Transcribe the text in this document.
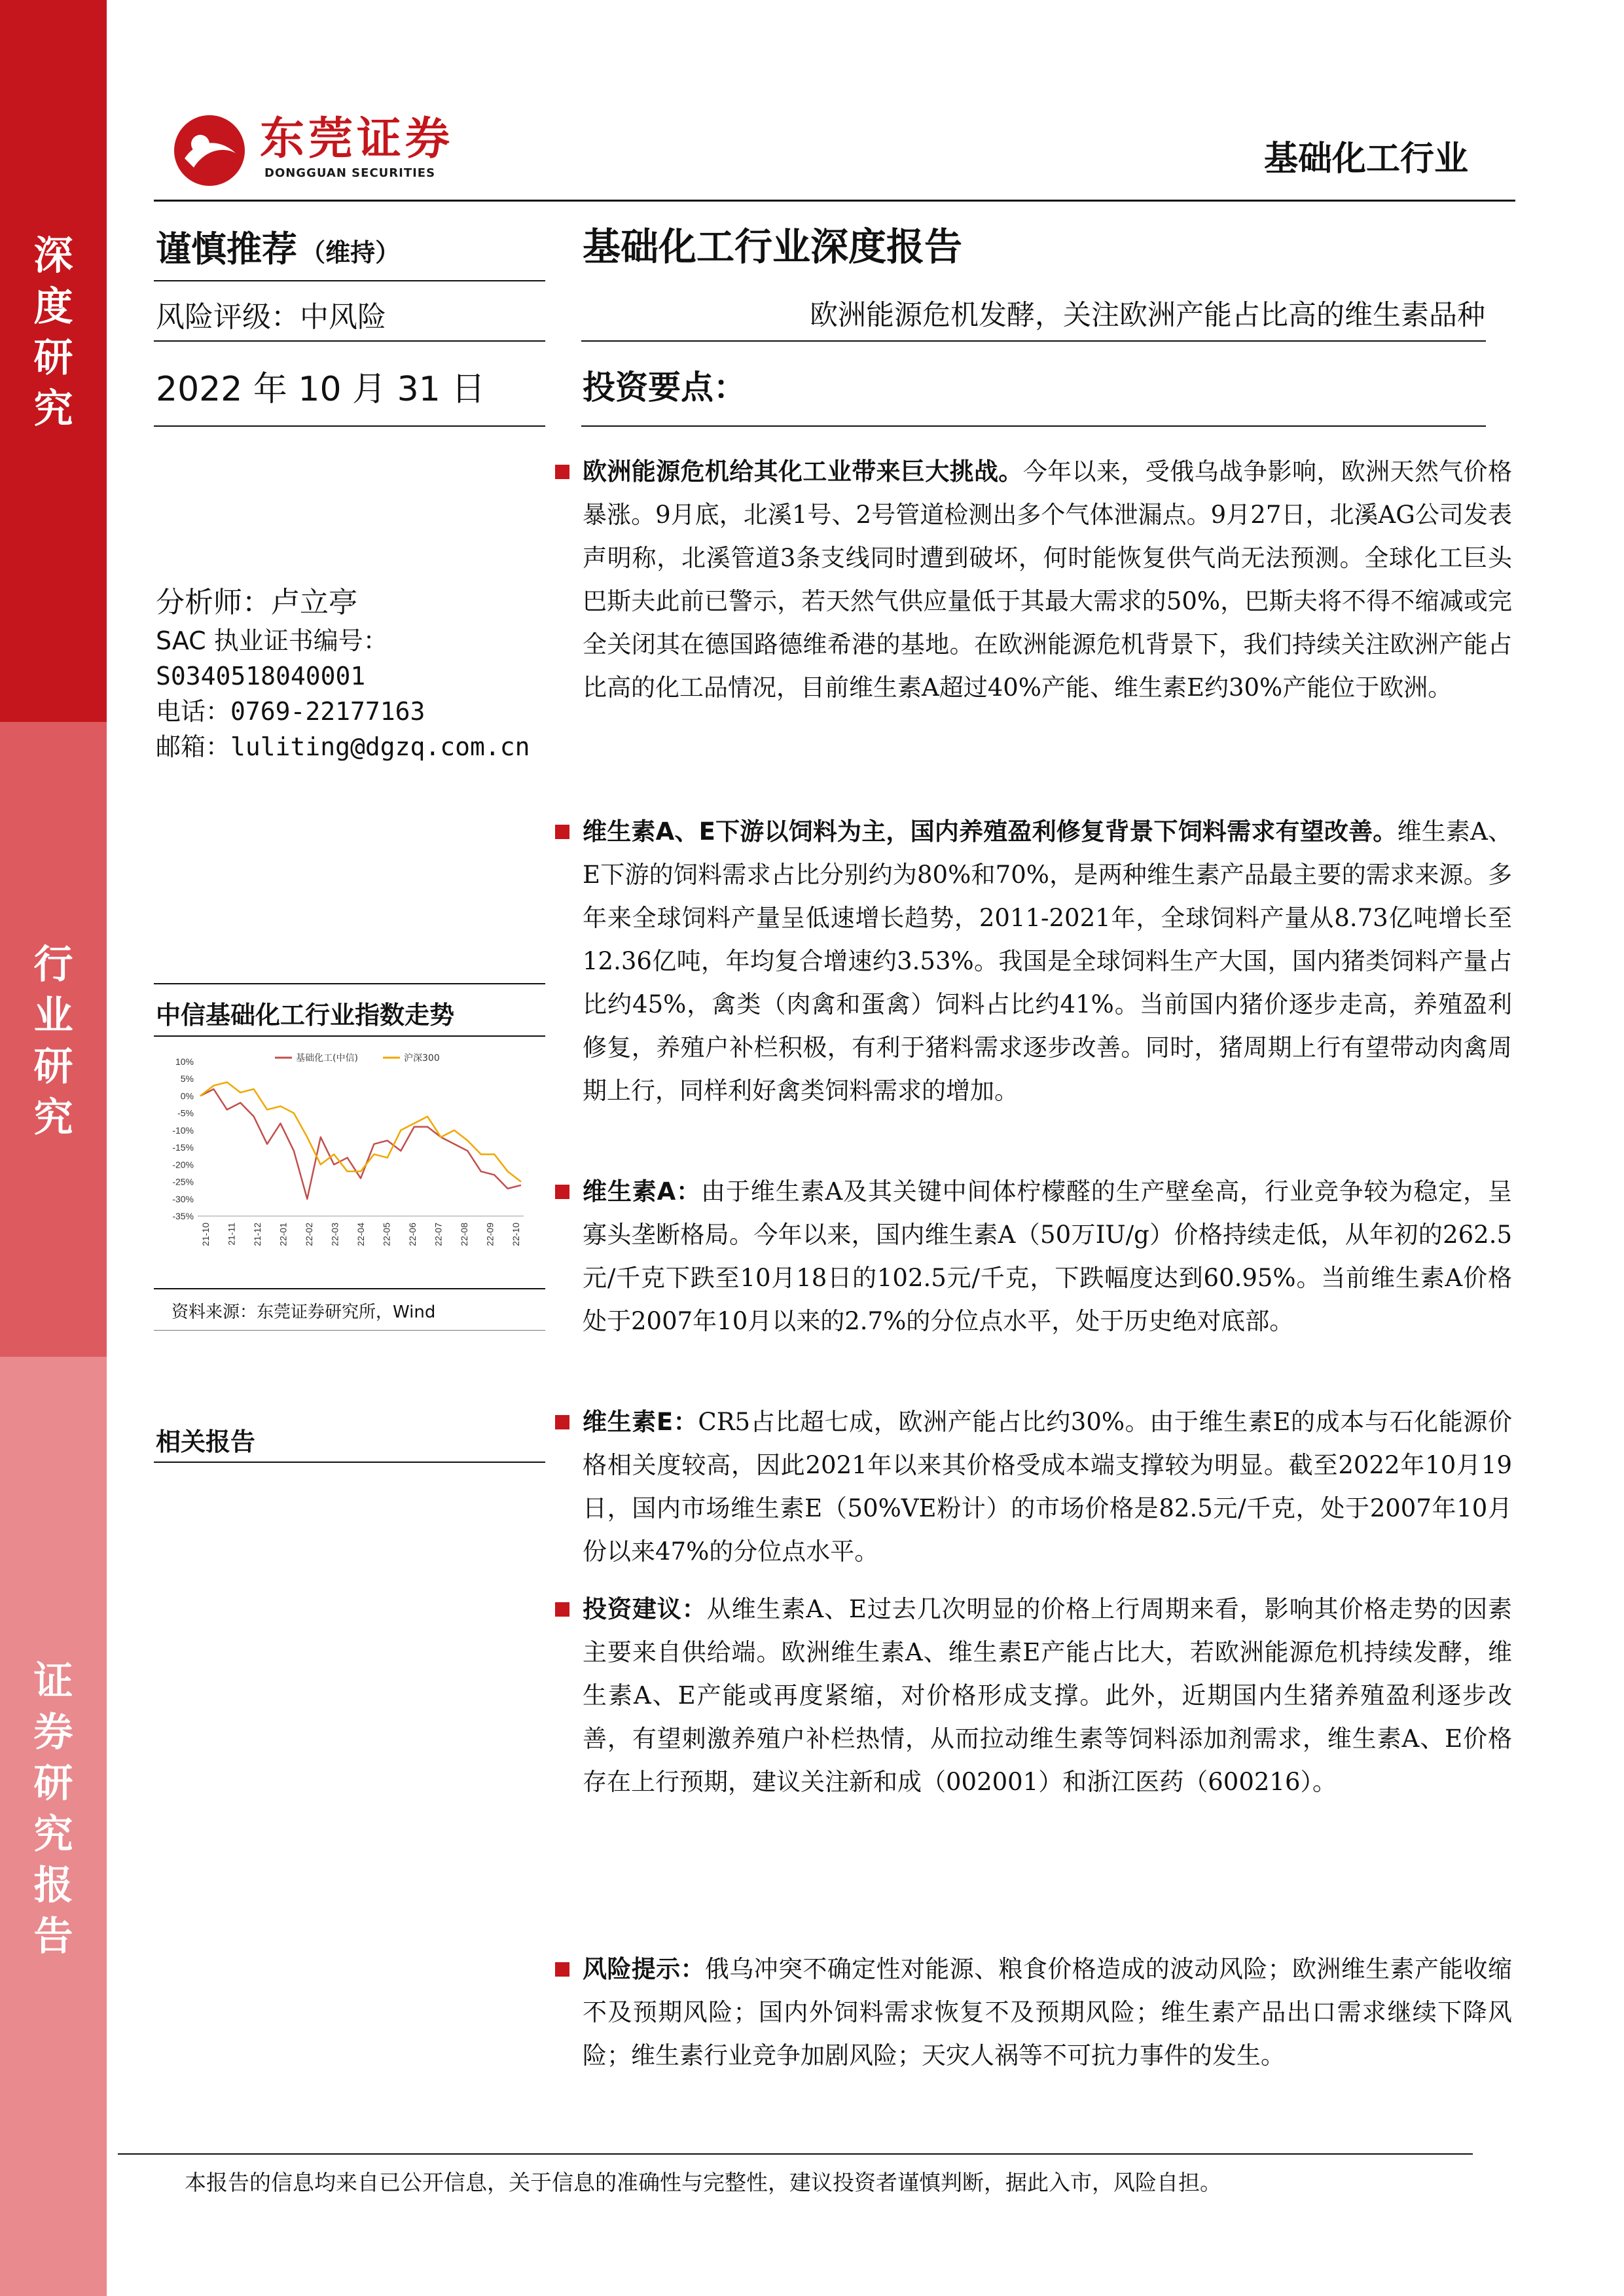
深
度
研
究
行
业
研
究
证
券
研
究
报
告
东莞证券
DONGGUAN SECURITIES	基础化工行业
谨慎推荐 （维持）
风险评级：中风险
2022 年 10 月 31 日
分析师：卢立亭
SAC 执业证书编号：
S0340518040001
电话：0769-22177163
邮箱：luliting@dgzq.com.cn
中信基础化工行业指数走势
10%
5%
0%
-5%
-10%
-15%
-20%
-25%
-30%
-35%
21-10 21-11 21-12 22-01 22-02 22-03 22-04 22-05 22-06 22-07 22-08 22-09 22-10
基础化工(中信)	沪深300
资料来源：东莞证券研究所，Wind
相关报告
基础化工行业深度报告
欧洲能源危机发酵，关注欧洲产能占比高的维生素品种
投资要点：
欧洲能源危机给其化工业带来巨大挑战。今年以来，受俄乌战争影响，欧洲天然气价格暴涨。9月底，北溪1号、2号管道检测出多个气体泄漏点。9月27日，北溪AG公司发表声明称，北溪管道3条支线同时遭到破坏，何时能恢复供气尚无法预测。全球化工巨头巴斯夫此前已警示，若天然气供应量低于其最大需求的50%，巴斯夫将不得不缩减或完全关闭其在德国路德维希港的基地。在欧洲能源危机背景下，我们持续关注欧洲产能占比高的化工品情况，目前维生素A超过40%产能、维生素E约30%产能位于欧洲。
维生素A、E下游以饲料为主，国内养殖盈利修复背景下饲料需求有望改善。维生素A、E下游的饲料需求占比分别约为80%和70%，是两种维生素产品最主要的需求来源。多年来全球饲料产量呈低速增长趋势，2011-2021年，全球饲料产量从8.73亿吨增长至12.36亿吨，年均复合增速约3.53%。我国是全球饲料生产大国，国内猪类饲料产量占比约45%，禽类（肉禽和蛋禽）饲料占比约41%。当前国内猪价逐步走高，养殖盈利修复，养殖户补栏积极，有利于猪料需求逐步改善。同时，猪周期上行有望带动肉禽周期上行，同样利好禽类饲料需求的增加。
维生素A：由于维生素A及其关键中间体柠檬醛的生产壁垒高，行业竞争较为稳定，呈寡头垄断格局。今年以来，国内维生素A（50万IU/g）价格持续走低，从年初的262.5元/千克下跌至10月18日的102.5元/千克，下跌幅度达到60.95%。当前维生素A价格处于2007年10月以来的2.7%的分位点水平，处于历史绝对底部。
维生素E：CR5占比超七成，欧洲产能占比约30%。由于维生素E的成本与石化能源价格相关度较高，因此2021年以来其价格受成本端支撑较为明显。截至2022年10月19日，国内市场维生素E（50%VE粉计）的市场价格是82.5元/千克，处于2007年10月份以来47%的分位点水平。
投资建议：从维生素A、E过去几次明显的价格上行周期来看，影响其价格走势的因素主要来自供给端。欧洲维生素A、维生素E产能占比大，若欧洲能源危机持续发酵，维生素A、E产能或再度紧缩，对价格形成支撑。此外，近期国内生猪养殖盈利逐步改善，有望刺激养殖户补栏热情，从而拉动维生素等饲料添加剂需求，维生素A、E价格存在上行预期，建议关注新和成（002001）和浙江医药（600216）。
风险提示：俄乌冲突不确定性对能源、粮食价格造成的波动风险；欧洲维生素产能收缩不及预期风险；国内外饲料需求恢复不及预期风险；维生素产品出口需求继续下降风险；维生素行业竞争加剧风险；天灾人祸等不可抗力事件的发生。
本报告的信息均来自已公开信息，关于信息的准确性与完整性，建议投资者谨慎判断，据此入市，风险自担。
